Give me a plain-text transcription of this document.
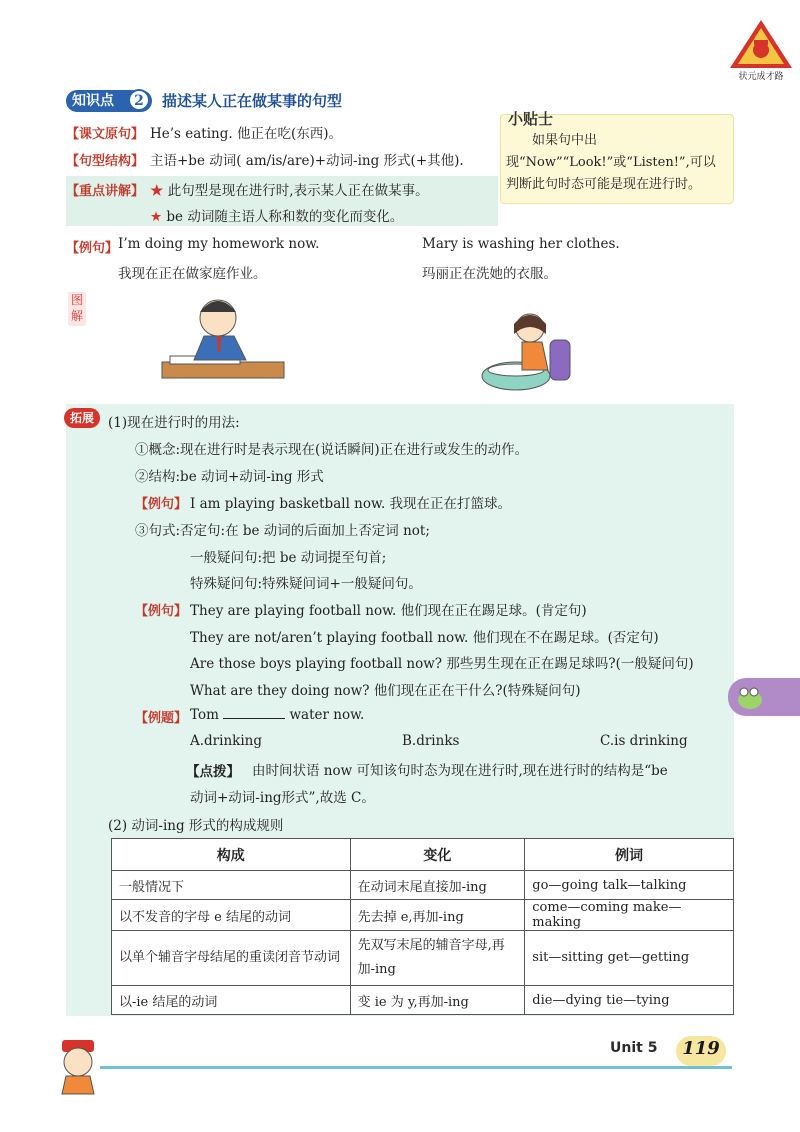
状元成才路
知识点	2	描述某人正在做某事的句型
小贴士
如果句中出现“Now”“Look!”或“Listen!”,可以判断此句时态可能是现在进行时。
【课文原句】 He’s eating. 他正在吃(东西)。
【句型结构】 主语+be 动词( am/is/are)+动词-ing 形式(+其他).
【重点讲解】 ★ 此句型是现在进行时,表示某人正在做某事。
★ be 动词随主语人称和数的变化而变化。
【例句】 I’m doing my homework now.
我现在正在做家庭作业。
Mary is washing her clothes.
玛丽正在洗她的衣服。
图解
拓展	(1)现在进行时的用法:
①概念:现在进行时是表示现在(说话瞬间)正在进行或发生的动作。
②结构:be 动词+动词-ing 形式
【例句】 I am playing basketball now. 我现在正在打篮球。
③句式:否定句:在 be 动词的后面加上否定词 not;
一般疑问句:把 be 动词提至句首;
特殊疑问句:特殊疑问词+一般疑问句。
【例句】 They are playing football now. 他们现在正在踢足球。(肯定句)
They are not/aren’t playing football now. 他们现在不在踢足球。(否定句)
Are those boys playing football now? 那些男生现在正在踢足球吗?(一般疑问句)
What are they doing now? 他们现在正在干什么?(特殊疑问句)
【例题】 Tom	water now.
A.drinking	B.drinks	C.is drinking
【点拨】 由时间状语 now 可知该句时态为现在进行时,现在进行时的结构是“be
动词+动词-ing形式”,故选 C。
(2) 动词-ing 形式的构成规则
构成	变化	例词
一般情况下	在动词末尾直接加-ing	go—going talk—talking
以不发音的字母 e 结尾的动词	先去掉 e,再加-ing	come—coming make—making
以单个辅音字母结尾的重读闭音节动词	先双写末尾的辅音字母,再加-ing	sit—sitting get—getting
以-ie 结尾的动词	变 ie 为 y,再加-ing	die—dying tie—tying
Unit 5	119
